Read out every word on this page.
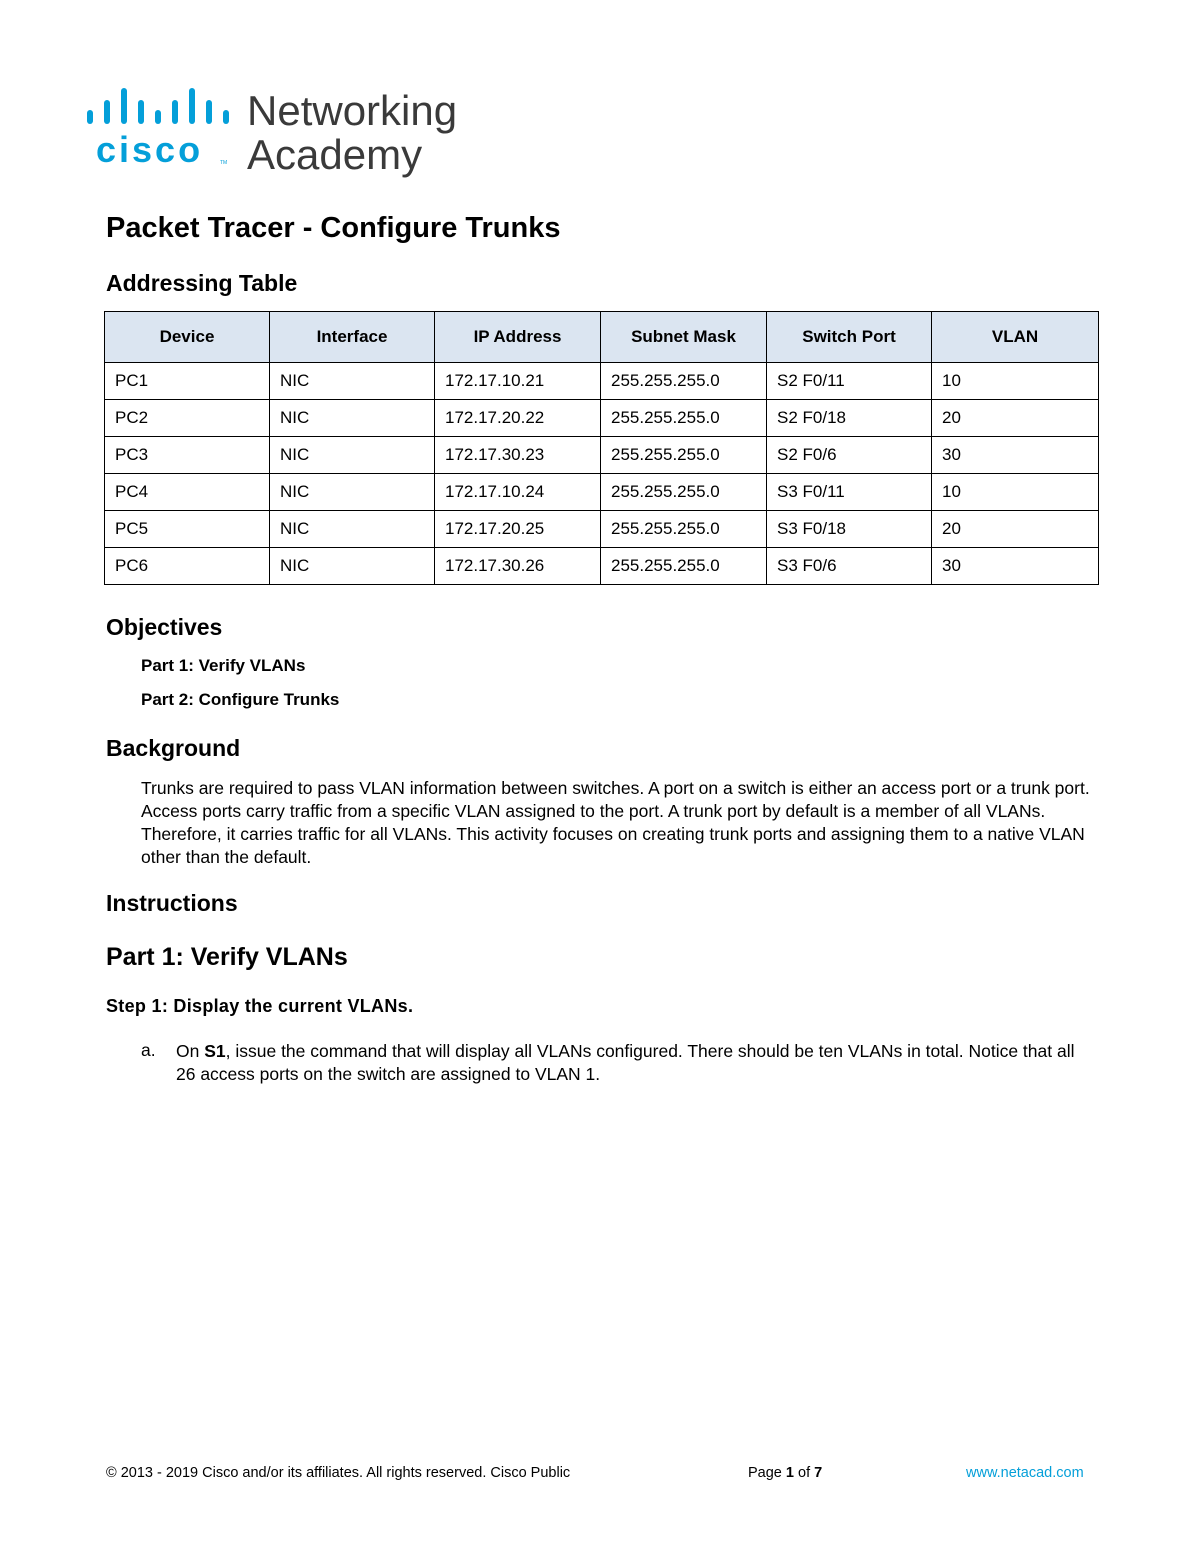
cisco	TM
Networking
Academy
Packet Tracer - Configure Trunks
Addressing Table
Device	Interface	IP Address	Subnet Mask	Switch Port	VLAN
PC1	NIC	172.17.10.21	255.255.255.0	S2 F0/11	10
PC2	NIC	172.17.20.22	255.255.255.0	S2 F0/18	20
PC3	NIC	172.17.30.23	255.255.255.0	S2 F0/6	30
PC4	NIC	172.17.10.24	255.255.255.0	S3 F0/11	10
PC5	NIC	172.17.20.25	255.255.255.0	S3 F0/18	20
PC6	NIC	172.17.30.26	255.255.255.0	S3 F0/6	30
Objectives
Part 1: Verify VLANs
Part 2: Configure Trunks
Background

Trunks are required to pass VLAN information between switches. A port on a switch is either an access port or a trunk port. Access ports carry traffic from a specific VLAN assigned to the port. A trunk port by default is a member of all VLANs. Therefore, it carries traffic for all VLANs. This activity focuses on creating trunk ports and assigning them to a native VLAN other than the default.

Instructions
Part 1: Verify VLANs
Step 1: Display the current VLANs.
a. On S1, issue the command that will display all VLANs configured. There should be ten VLANs in total. Notice that all 26 access ports on the switch are assigned to VLAN 1.

© 2013 - 2019 Cisco and/or its affiliates. All rights reserved. Cisco Public	Page 1 of 7	www.netacad.com
